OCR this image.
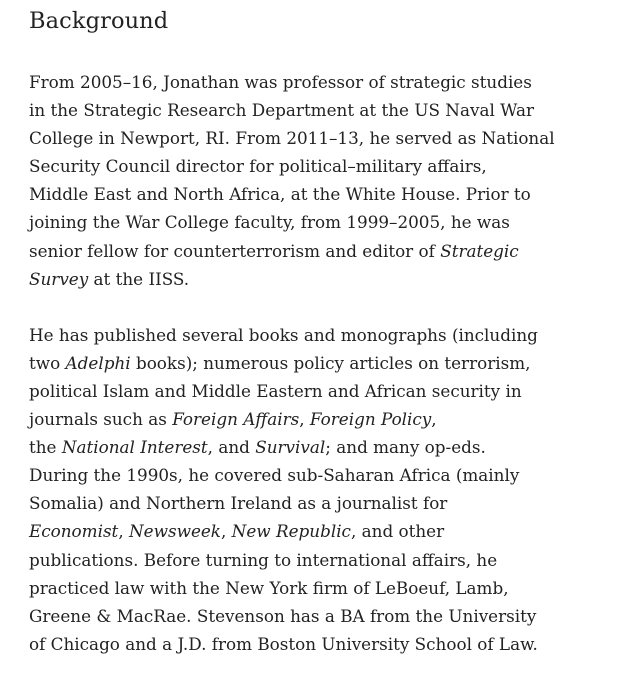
Background

From 2005–16, Jonathan was professor of strategic studies
in the Strategic Research Department at the US Naval War
College in Newport, RI. From 2011–13, he served as National
Security Council director for political–military affairs,
Middle East and North Africa, at the White House. Prior to
joining the War College faculty, from 1999–2005, he was
senior fellow for counterterrorism and editor of Strategic
Survey at the IISS.

He has published several books and monographs (including
two Adelphi books); numerous policy articles on terrorism,
political Islam and Middle Eastern and African security in
journals such as Foreign Affairs, Foreign Policy,
the National Interest, and Survival; and many op-eds.
During the 1990s, he covered sub-Saharan Africa (mainly
Somalia) and Northern Ireland as a journalist for
Economist, Newsweek, New Republic, and other
publications. Before turning to international affairs, he
practiced law with the New York firm of LeBoeuf, Lamb,
Greene & MacRae. Stevenson has a BA from the University
of Chicago and a J.D. from Boston University School of Law.
